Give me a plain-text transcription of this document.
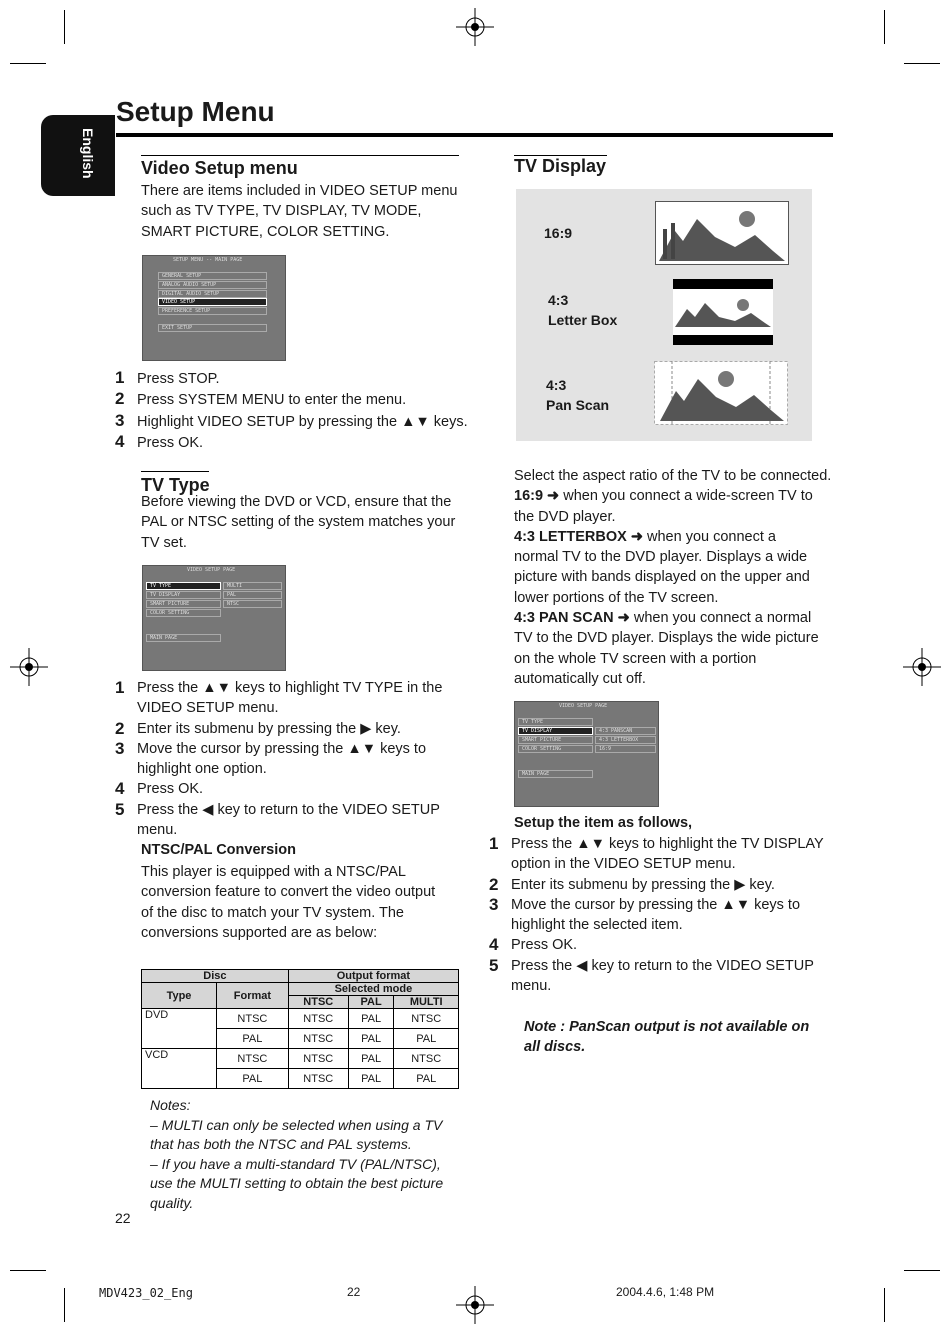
English
Setup Menu
Video Setup menu
There are items included in VIDEO SETUP menu
such as TV TYPE, TV DISPLAY, TV MODE,
SMART PICTURE, COLOR SETTING.
SETUP MENU -- MAIN PAGE
GENERAL SETUP
ANALOG AUDIO SETUP
DIGITAL AUDIO SETUP
VIDEO SETUP
PREFERENCE SETUP
EXIT SETUP
1 Press STOP.
2 Press SYSTEM MENU to enter the menu.
3 Highlight VIDEO SETUP by pressing the ▲▼ keys.
4 Press OK.
TV Type
Before viewing the DVD or VCD, ensure that the
PAL or NTSC setting of the system matches your
TV set.
VIDEO SETUP PAGE
TV TYPE
TV DISPLAY
SMART PICTURE
COLOR SETTING
MAIN PAGE
MULTI
PAL
NTSC
1 Press the ▲▼ keys to highlight TV TYPE in the
VIDEO SETUP menu.
2 Enter its submenu by pressing the ▶ key.
3 Move the cursor by pressing the ▲▼ keys to
highlight one option.
4 Press OK.
5 Press the ◀ key to return to the VIDEO SETUP
menu.
NTSC/PAL Conversion
This player is equipped with a NTSC/PAL
conversion feature to convert the video output
of the disc to match your TV system. The
conversions supported are as below:
Disc		Output format		
Type	Format	Selected mode		
		NTSC	PAL	MULTI
DVD	NTSC	NTSC	PAL	NTSC
	PAL	NTSC	PAL	PAL
VCD	NTSC	NTSC	PAL	NTSC
	PAL	NTSC	PAL	PAL
Notes:
– MULTI can only be selected when using a TV
that has both the NTSC and PAL systems.
– If you have a multi-standard TV (PAL/NTSC),
use the MULTI setting to obtain the best picture
quality.
22
TV Display
16:9
4:3
Letter Box
4:3
Pan Scan
Select the aspect ratio of the TV to be connected.
16:9 ➜ when you connect a wide-screen TV to
the DVD player.
4:3 LETTERBOX ➜ when you connect a
normal TV to the DVD player. Displays a wide
picture with bands displayed on the upper and
lower portions of the TV screen.
4:3 PAN SCAN ➜ when you connect a normal
TV to the DVD player. Displays the wide picture
on the whole TV screen with a portion
automatically cut off.
VIDEO SETUP PAGE
TV TYPE
TV DISPLAY
SMART PICTURE
COLOR SETTING
MAIN PAGE
4:3 PANSCAN
4:3 LETTERBOX
16:9
Setup the item as follows,
1 Press the ▲▼ keys to highlight the TV DISPLAY
option in the VIDEO SETUP menu.
2 Enter its submenu by pressing the ▶ key.
3 Move the cursor by pressing the ▲▼ keys to
highlight the selected item.
4 Press OK.
5 Press the ◀ key to return to the VIDEO SETUP
menu.
Note : PanScan output is not available on
all discs.
MDV423_02_Eng	22	2004.4.6, 1:48 PM
